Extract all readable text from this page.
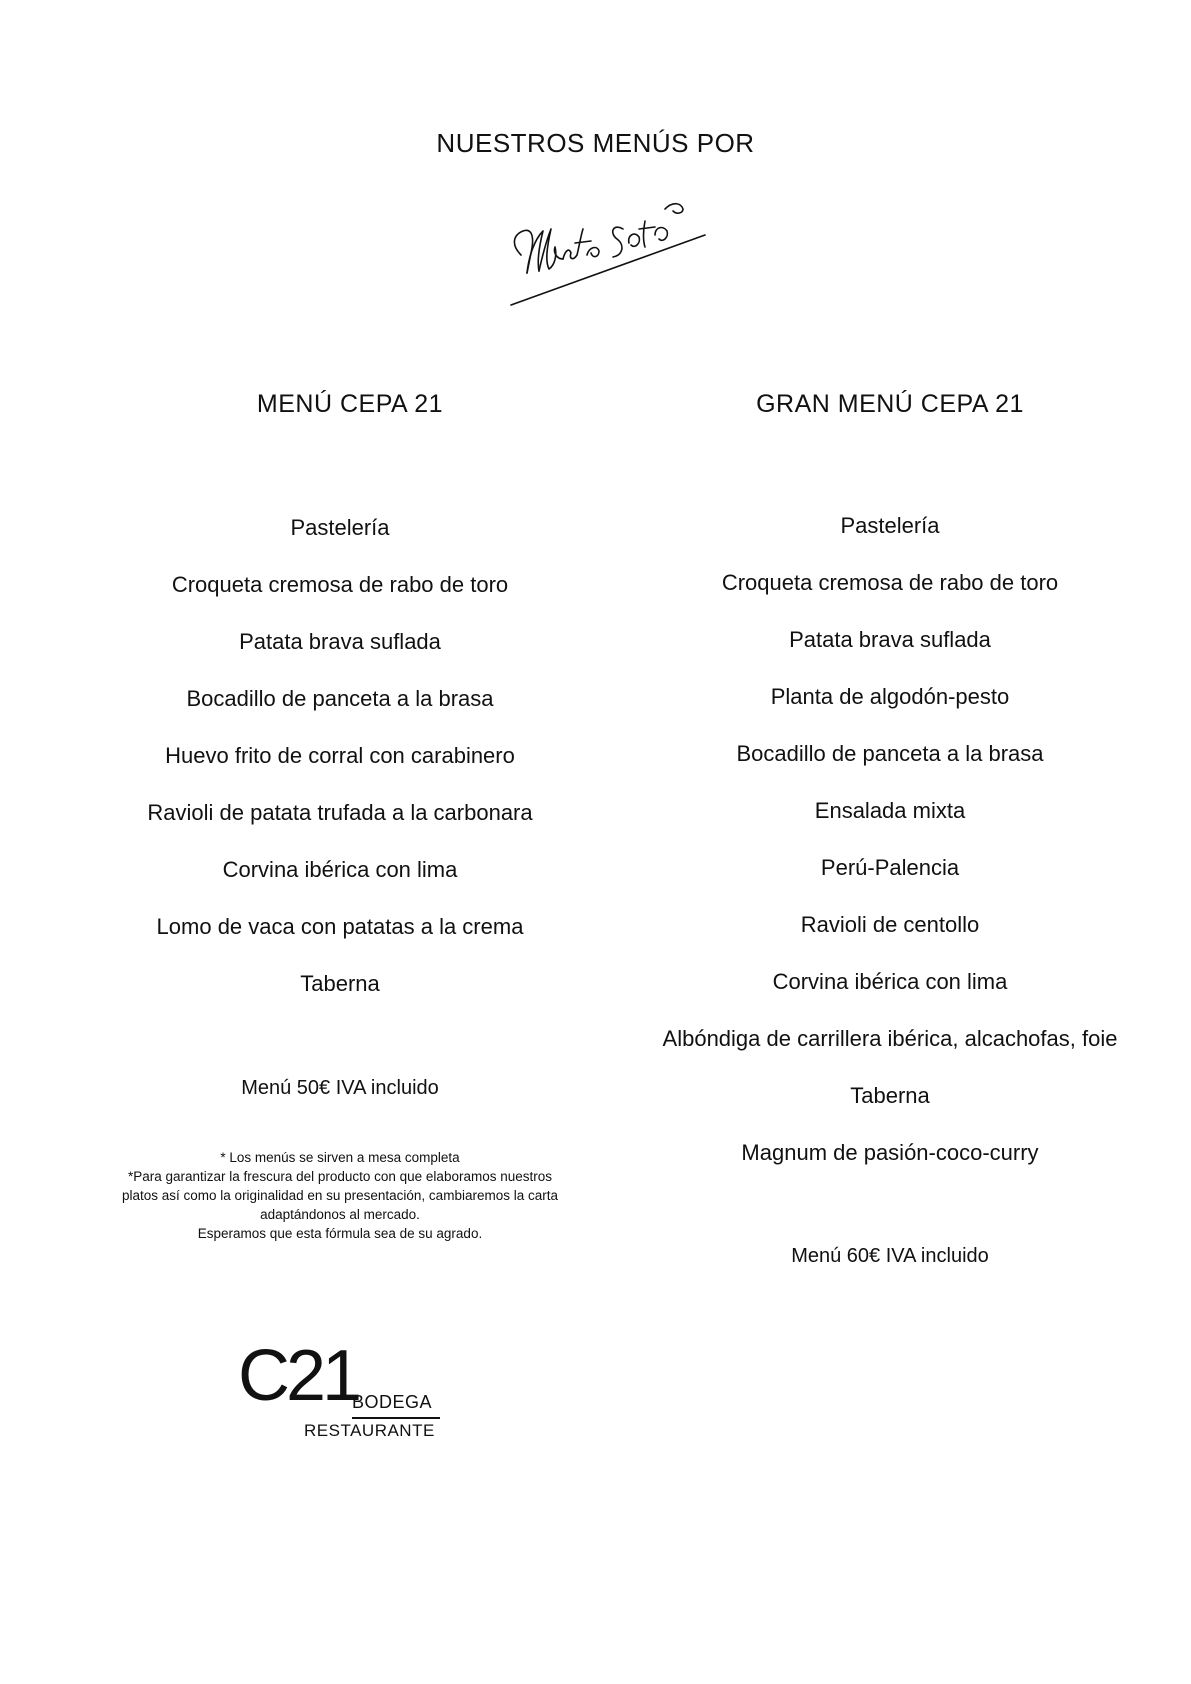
NUESTROS MENÚS POR
MENÚ CEPA 21	GRAN MENÚ CEPA 21
Pastelería
Croqueta cremosa de rabo de toro
Patata brava suflada
Bocadillo de panceta a la brasa
Huevo frito de corral con carabinero
Ravioli de patata trufada a la carbonara
Corvina ibérica con lima
Lomo de vaca con patatas a la crema
Taberna
Pastelería
Croqueta cremosa de rabo de toro
Patata brava suflada
Planta de algodón-pesto
Bocadillo de panceta a la brasa
Ensalada mixta
Perú-Palencia
Ravioli de centollo
Corvina ibérica con lima
Albóndiga de carrillera ibérica, alcachofas, foie
Taberna
Magnum de pasión-coco-curry
Menú 50€ IVA incluido
Menú 60€ IVA incluido

* Los menús se sirven a mesa completa

*Para garantizar la frescura del producto con que elaboramos nuestros

platos así como la originalidad en su presentación, cambiaremos la carta

adaptándonos al mercado.

Esperamos que esta fórmula sea de su agrado.

C21
BODEGA
RESTAURANTE
